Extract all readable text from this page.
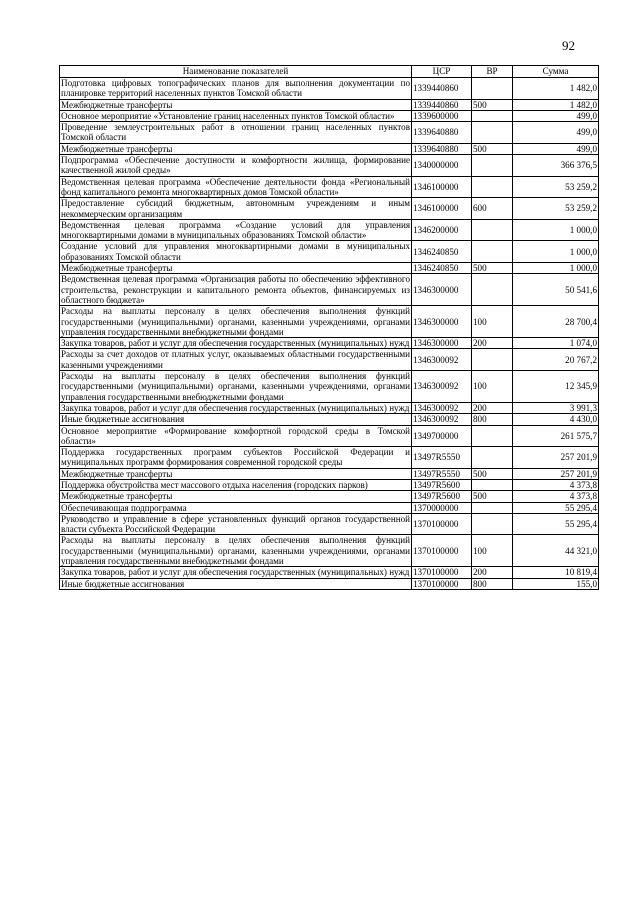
92
Наименование показателей	ЦСР	ВР	Сумма
Подготовка цифровых топографических планов для выполнения документации по планировке территорий населенных пунктов Томской области	1339440860		1 482,0
Межбюджетные трансферты	1339440860	500	1 482,0
Основное мероприятие «Установление границ населенных пунктов Томской области»	1339600000		499,0
Проведение землеустроительных работ в отношении границ населенных пунктов Томской области	1339640880		499,0
Межбюджетные трансферты	1339640880	500	499,0
Подпрограмма «Обеспечение доступности и комфортности жилища, формирование качественной жилой среды»	1340000000		366 376,5
Ведомственная целевая программа «Обеспечение деятельности фонда «Региональный фонд капитального ремонта многоквартирных домов Томской области»	1346100000		53 259,2
Предоставление субсидий бюджетным, автономным учреждениям и иным некоммерческим организациям	1346100000	600	53 259,2
Ведомственная целевая программа «Создание условий для управления многоквартирными домами в муниципальных образованиях Томской области»	1346200000		1 000,0
Создание условий для управления многоквартирными домами в муниципальных образованиях Томской области	1346240850		1 000,0
Межбюджетные трансферты	1346240850	500	1 000,0
Ведомственная целевая программа «Организация работы по обеспечению эффективного строительства, реконструкции и капитального ремонта объектов, финансируемых из областного бюджета»	1346300000		50 541,6
Расходы на выплаты персоналу в целях обеспечения выполнения функций государственными (муниципальными) органами, казенными учреждениями, органами управления государственными внебюджетными фондами	1346300000	100	28 700,4
Закупка товаров, работ и услуг для обеспечения государственных (муниципальных) нужд	1346300000	200	1 074,0
Расходы за счет доходов от платных услуг, оказываемых областными государственными казенными учреждениями	1346300092		20 767,2
Расходы на выплаты персоналу в целях обеспечения выполнения функций государственными (муниципальными) органами, казенными учреждениями, органами управления государственными внебюджетными фондами	1346300092	100	12 345,9
Закупка товаров, работ и услуг для обеспечения государственных (муниципальных) нужд	1346300092	200	3 991,3
Иные бюджетные ассигнования	1346300092	800	4 430,0
Основное мероприятие «Формирование комфортной городской среды в Томской области»	1349700000		261 575,7
Поддержка государственных программ субъектов Российской Федерации и муниципальных программ формирования современной городской среды	13497R5550		257 201,9
Межбюджетные трансферты	13497R5550	500	257 201,9
Поддержка обустройства мест массового отдыха населения (городских парков)	13497R5600		4 373,8
Межбюджетные трансферты	13497R5600	500	4 373,8
Обеспечивающая подпрограмма	1370000000		55 295,4
Руководство и управление в сфере установленных функций органов государственной власти субъекта Российской Федерации	1370100000		55 295,4
Расходы на выплаты персоналу в целях обеспечения выполнения функций государственными (муниципальными) органами, казенными учреждениями, органами управления государственными внебюджетными фондами	1370100000	100	44 321,0
Закупка товаров, работ и услуг для обеспечения государственных (муниципальных) нужд	1370100000	200	10 819,4
Иные бюджетные ассигнования	1370100000	800	155,0
